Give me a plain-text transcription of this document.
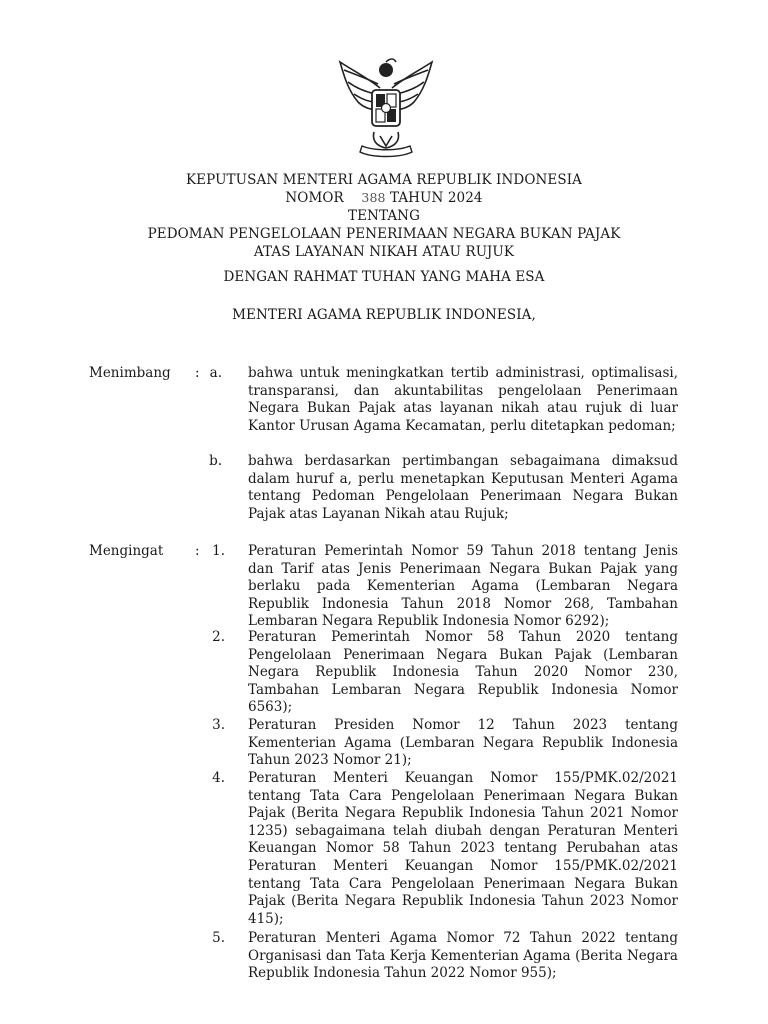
KEPUTUSAN MENTERI AGAMA REPUBLIK INDONESIA
NOMOR 388 TAHUN 2024
TENTANG
PEDOMAN PENGELOLAAN PENERIMAAN NEGARA BUKAN PAJAK
ATAS LAYANAN NIKAH ATAU RUJUK
DENGAN RAHMAT TUHAN YANG MAHA ESA
MENTERI AGAMA REPUBLIK INDONESIA,
Menimbang : a. bahwa untuk meningkatkan tertib administrasi, optimalisasi, transparansi, dan akuntabilitas pengelolaan Penerimaan Negara Bukan Pajak atas layanan nikah atau rujuk di luar Kantor Urusan Agama Kecamatan, perlu ditetapkan pedoman;
b. bahwa berdasarkan pertimbangan sebagaimana dimaksud dalam huruf a, perlu menetapkan Keputusan Menteri Agama tentang Pedoman Pengelolaan Penerimaan Negara Bukan Pajak atas Layanan Nikah atau Rujuk;
Mengingat : 1. Peraturan Pemerintah Nomor 59 Tahun 2018 tentang Jenis dan Tarif atas Jenis Penerimaan Negara Bukan Pajak yang berlaku pada Kementerian Agama (Lembaran Negara Republik Indonesia Tahun 2018 Nomor 268, Tambahan Lembaran Negara Republik Indonesia Nomor 6292);
2. Peraturan Pemerintah Nomor 58 Tahun 2020 tentang Pengelolaan Penerimaan Negara Bukan Pajak (Lembaran Negara Republik Indonesia Tahun 2020 Nomor 230, Tambahan Lembaran Negara Republik Indonesia Nomor 6563);
3. Peraturan Presiden Nomor 12 Tahun 2023 tentang Kementerian Agama (Lembaran Negara Republik Indonesia Tahun 2023 Nomor 21);
4. Peraturan Menteri Keuangan Nomor 155/PMK.02/2021 tentang Tata Cara Pengelolaan Penerimaan Negara Bukan Pajak (Berita Negara Republik Indonesia Tahun 2021 Nomor 1235) sebagaimana telah diubah dengan Peraturan Menteri Keuangan Nomor 58 Tahun 2023 tentang Perubahan atas Peraturan Menteri Keuangan Nomor 155/PMK.02/2021 tentang Tata Cara Pengelolaan Penerimaan Negara Bukan Pajak (Berita Negara Republik Indonesia Tahun 2023 Nomor 415);
5. Peraturan Menteri Agama Nomor 72 Tahun 2022 tentang Organisasi dan Tata Kerja Kementerian Agama (Berita Negara Republik Indonesia Tahun 2022 Nomor 955);
